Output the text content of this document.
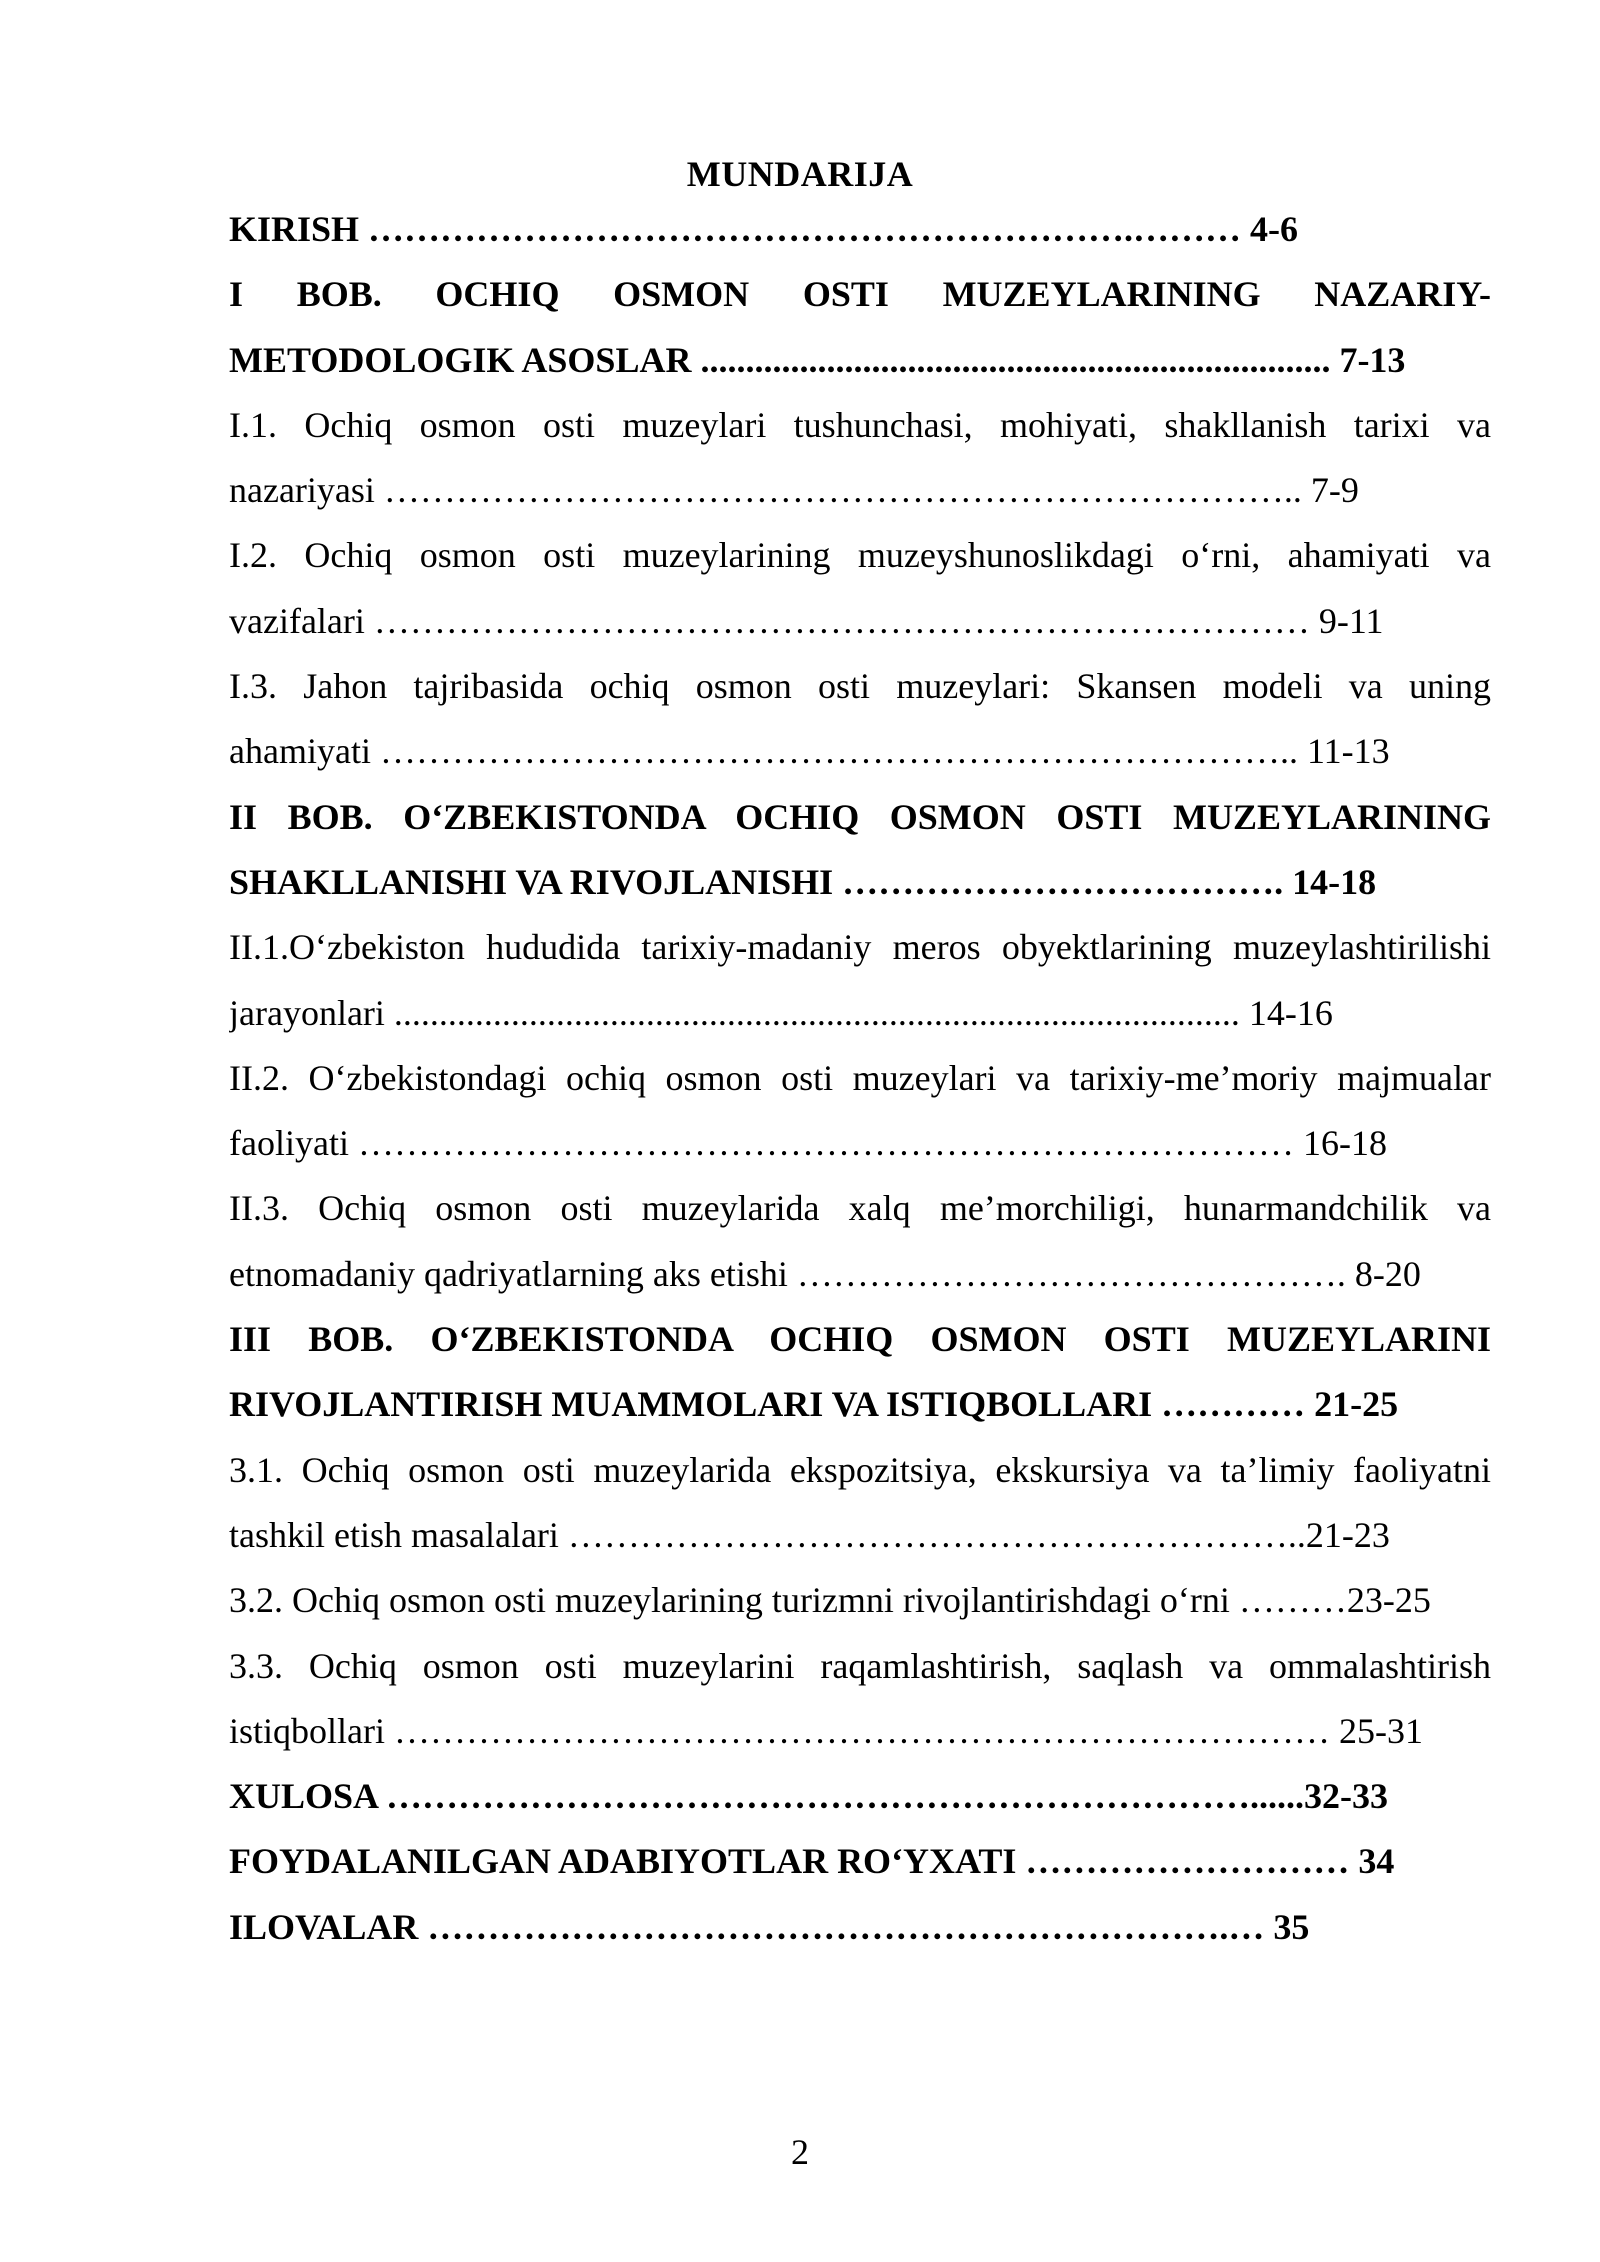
MUNDARIJA
KIRISH ……………………………………………………….……… 4-6
I BOB. OCHIQ OSMON OSTI MUZEYLARINING NAZARIY-
METODOLOGIK ASOSLAR ...................................................................... 7-13
I.1. Ochiq osmon osti muzeylari tushunchasi, mohiyati, shakllanish tarixi va
nazariyasi ………………………………………………………………….. 7-9
I.2. Ochiq osmon osti muzeylarining muzeyshunoslikdagi o‘rni, ahamiyati va
vazifalari …………………………………………………………………… 9-11
I.3. Jahon tajribasida ochiq osmon osti muzeylari: Skansen modeli va uning
ahamiyati ………………………………………………………………….. 11-13
II BOB. O‘ZBEKISTONDA OCHIQ OSMON OSTI MUZEYLARINING
SHAKLLANISHI VA RIVOJLANISHI ………………………………. 14-18
II.1.O‘zbekiston hududida tarixiy-madaniy meros obyektlarining muzeylashtirilishi
jarayonlari .............................................................................................. 14-16
II.2. O‘zbekistondagi ochiq osmon osti muzeylari va tarixiy-me’moriy majmualar
faoliyati …………………………………………………………………… 16-18
II.3. Ochiq osmon osti muzeylarida xalq me’morchiligi, hunarmandchilik va
etnomadaniy qadriyatlarning aks etishi ………………………………………. 8-20
III BOB. O‘ZBEKISTONDA OCHIQ OSMON OSTI MUZEYLARINI
RIVOJLANTIRISH MUAMMOLARI VA ISTIQBOLLARI ………… 21-25
3.1. Ochiq osmon osti muzeylarida ekspozitsiya, ekskursiya va ta’limiy faoliyatni
tashkil etish masalalari ……………………………………………………..21-23
3.2. Ochiq osmon osti muzeylarining turizmni rivojlantirishdagi o‘rni ………23-25
3.3. Ochiq osmon osti muzeylarini raqamlashtirish, saqlash va ommalashtirish
istiqbollari …………………………………………………………………… 25-31
XULOSA ………………………………………………………………......32-33
FOYDALANILGAN ADABIYOTLAR RO‘YXATI ……………………… 34
ILOVALAR ………………………………………………………….… 35
2
